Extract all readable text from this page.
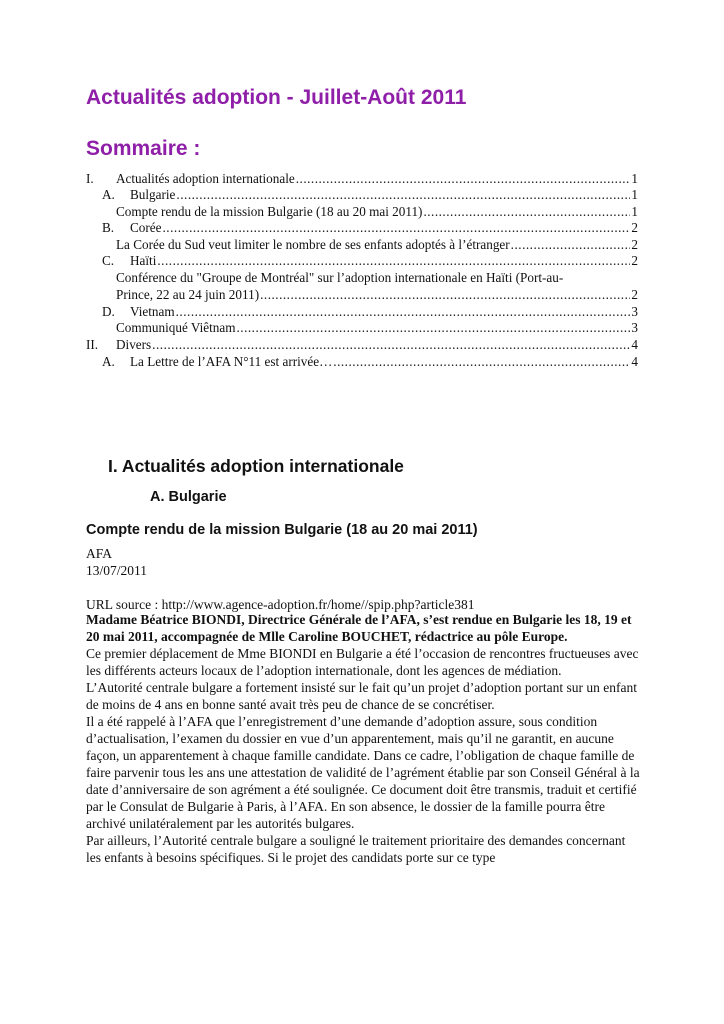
Actualités adoption - Juillet-Août 2011
Sommaire :
I.	Actualités adoption internationale .....	1
A.	Bulgarie .....	1
Compte rendu de la mission Bulgarie (18 au 20 mai 2011) .....	1
B.	Corée .....	2
La Corée du Sud veut limiter le nombre de ses enfants adoptés à l’étranger .....	2
C.	Haïti .....	2
Conférence du "Groupe de Montréal" sur l’adoption internationale en Haïti (Port-au-
Prince, 22 au 24 juin 2011) .....	2
D.	Vietnam .....	3
Communiqué Viêtnam .....	3
II.	Divers .....	4
A.	La Lettre de l’AFA N°11 est arrivée… .....	4
I. Actualités adoption internationale
A. Bulgarie
Compte rendu de la mission Bulgarie (18 au 20 mai 2011)
AFA
13/07/2011
URL source : http://www.agence-adoption.fr/home//spip.php?article381

Madame Béatrice BIONDI, Directrice Générale de l’AFA, s’est rendue en Bulgarie les 18, 19 et 20 mai 2011, accompagnée de Mlle Caroline BOUCHET, rédactrice au pôle Europe.

Ce premier déplacement de Mme BIONDI en Bulgarie a été l’occasion de rencontres fructueuses avec les différents acteurs locaux de l’adoption internationale, dont les agences de médiation.

L’Autorité centrale bulgare a fortement insisté sur le fait qu’un projet d’adoption portant sur un enfant de moins de 4 ans en bonne santé avait très peu de chance de se concrétiser.

Il a été rappelé à l’AFA que l’enregistrement d’une demande d’adoption assure, sous condition d’actualisation, l’examen du dossier en vue d’un apparentement, mais qu’il ne garantit, en aucune façon, un apparentement à chaque famille candidate. Dans ce cadre, l’obligation de chaque famille de faire parvenir tous les ans une attestation de validité de l’agrément établie par son Conseil Général à la date d’anniversaire de son agrément a été soulignée. Ce document doit être transmis, traduit et certifié par le Consulat de Bulgarie à Paris, à l’AFA. En son absence, le dossier de la famille pourra être archivé unilatéralement par les autorités bulgares.

Par ailleurs, l’Autorité centrale bulgare a souligné le traitement prioritaire des demandes concernant les enfants à besoins spécifiques. Si le projet des candidats porte sur ce type
